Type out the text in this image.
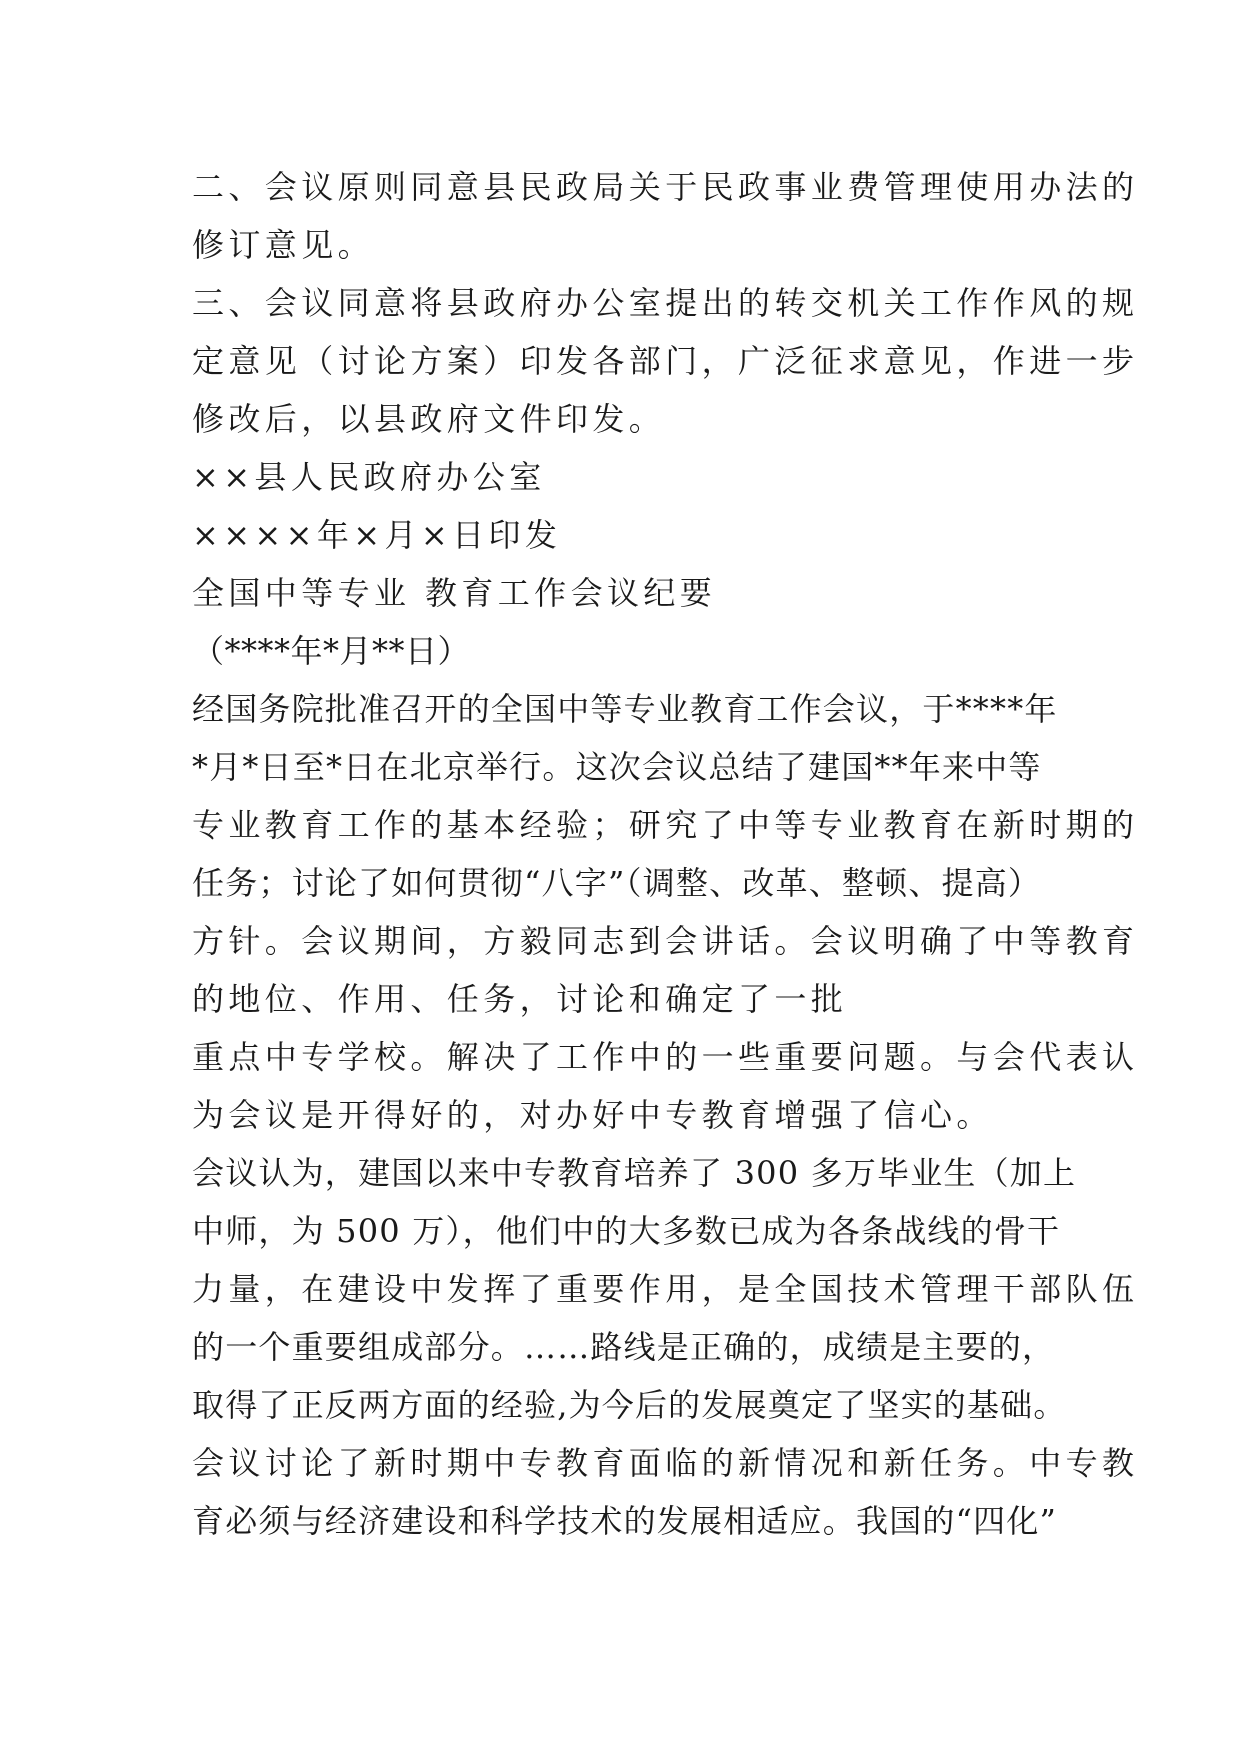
二、会议原则同意县民政局关于民政事业费管理使用办法的
修订意见。
三、会议同意将县政府办公室提出的转交机关工作作风的规
定意见（讨论方案）印发各部门，广泛征求意见，作进一步
修改后，以县政府文件印发。
××县人民政府办公室
××××年×月×日印发
全国中等专业 教育工作会议纪要
（****年*月**日）
经国务院批准召开的全国中等专业教育工作会议，于****年
*月*日至*日在北京举行。这次会议总结了建国**年来中等
专业教育工作的基本经验；研究了中等专业教育在新时期的
任务；讨论了如何贯彻“八字”（调整、改革、整顿、提高）
方针。会议期间，方毅同志到会讲话。会议明确了中等教育
的地位、作用、任务，讨论和确定了一批
重点中专学校。解决了工作中的一些重要问题。与会代表认
为会议是开得好的，对办好中专教育增强了信心。
会议认为，建国以来中专教育培养了 300 多万毕业生（加上
中师，为 500 万），他们中的大多数已成为各条战线的骨干
力量，在建设中发挥了重要作用，是全国技术管理干部队伍
的一个重要组成部分。……路线是正确的，成绩是主要的，
取得了正反两方面的经验,为今后的发展奠定了坚实的基础。
会议讨论了新时期中专教育面临的新情况和新任务。中专教
育必须与经济建设和科学技术的发展相适应。我国的“四化”
